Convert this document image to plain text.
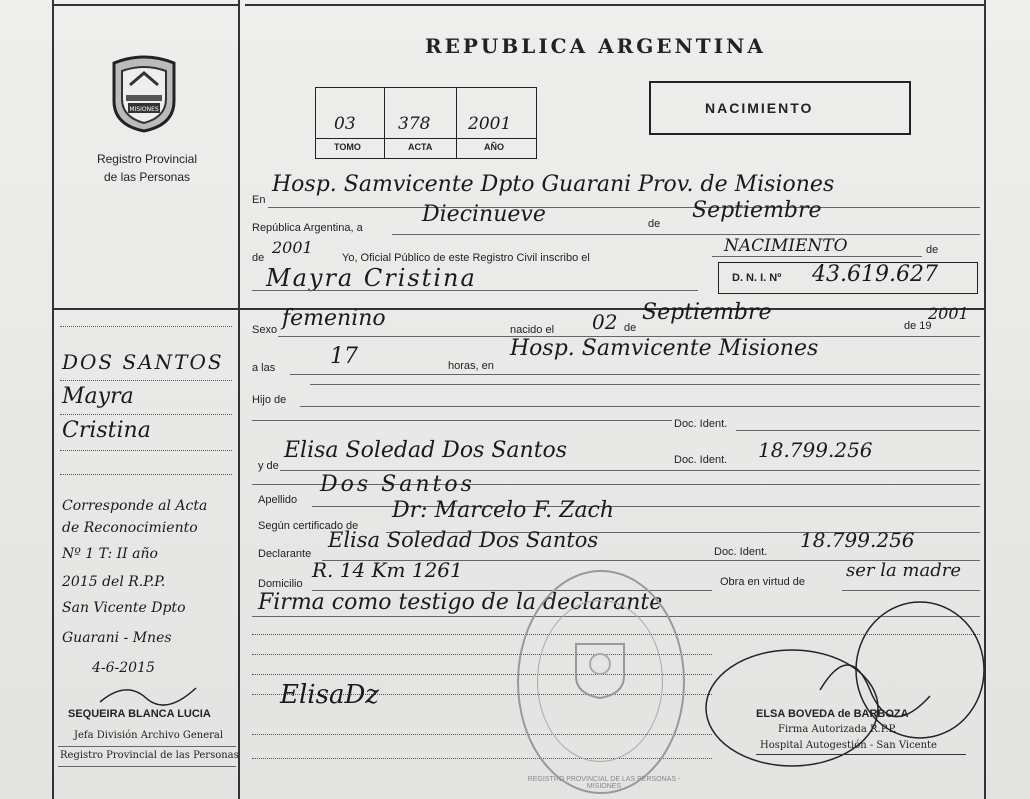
MISIONES
Registro Provincial
de las Personas
REPUBLICA ARGENTINA
NACIMIENTO
03 378 2001
TOMO	ACTA	AÑO
En
Hosp. Samvicente Dpto Guarani Prov. de Misiones
República Argentina, a
Diecinueve	de
Septiembre
de
2001
Yo, Oficial Público de este Registro Civil inscribo el
NACIMIENTO	de
Mayra Cristina	D. N. I. Nº 43.619.627
Sexo femenino	nacido el 02 de
Septiembre
de 19
2001
a las 17	horas, en
Hosp. Samvicente Misiones
Hijo de
Doc. Ident.
y de
Elisa Soledad Dos Santos	Doc. Ident. 18.799.256
Apellido
Dos Santos
Según certificado de
Dr: Marcelo F. Zach
Declarante
Elisa Soledad Dos Santos	Doc. Ident. 18.799.256
Domicilio
R. 14 Km 1261	Obra en virtud de
ser la madre
Firma como testigo de la declarante
ElisaDz
REGISTRO PROVINCIAL DE LAS PERSONAS - MISIONES
ELSA BOVEDA de BARBOZA
Firma Autorizada R.P.P.
Hospital Autogestión - San Vicente
DOS SANTOS
Mayra
Cristina
Corresponde al Acta
de Reconocimiento
Nº 1 T: II año
2015 del R.P.P.
San Vicente Dpto
Guarani - Mnes
4-6-2015
SEQUEIRA BLANCA LUCIA
Jefa División Archivo General
Registro Provincial de las Personas
